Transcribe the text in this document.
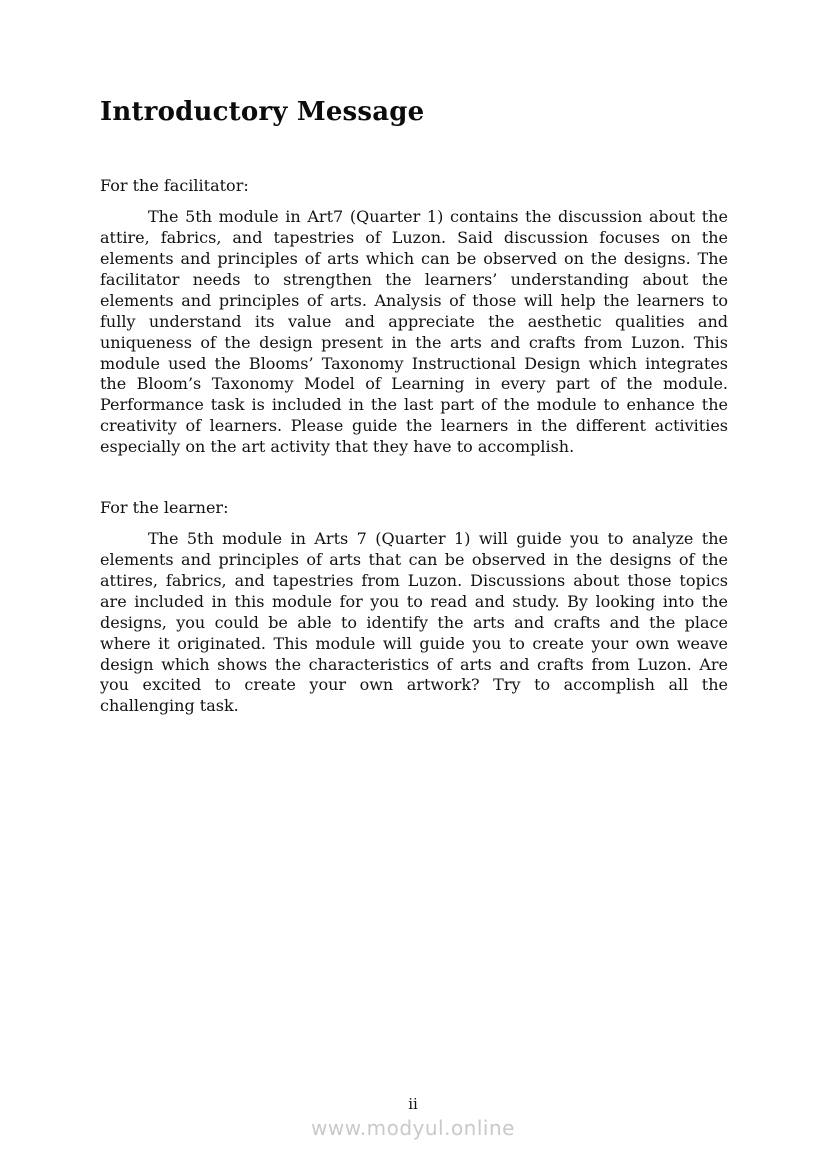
Introductory Message

For the facilitator:

The 5th module in Art7 (Quarter 1) contains the discussion about the attire, fabrics, and tapestries of Luzon. Said discussion focuses on the elements and principles of arts which can be observed on the designs. The facilitator needs to strengthen the learners’ understanding about the elements and principles of arts. Analysis of those will help the learners to fully understand its value and appreciate the aesthetic qualities and uniqueness of the design present in the arts and crafts from Luzon. This module used the Blooms’ Taxonomy Instructional Design which integrates the Bloom’s Taxonomy Model of Learning in every part of the module. Performance task is included in the last part of the module to enhance the creativity of learners. Please guide the learners in the different activities especially on the art activity that they have to accomplish.

For the learner:

The 5th module in Arts 7 (Quarter 1) will guide you to analyze the elements and principles of arts that can be observed in the designs of the attires, fabrics, and tapestries from Luzon. Discussions about those topics are included in this module for you to read and study. By looking into the designs, you could be able to identify the arts and crafts and the place where it originated. This module will guide you to create your own weave design which shows the characteristics of arts and crafts from Luzon. Are you excited to create your own artwork? Try to accomplish all the challenging task.

ii
www.modyul.online
